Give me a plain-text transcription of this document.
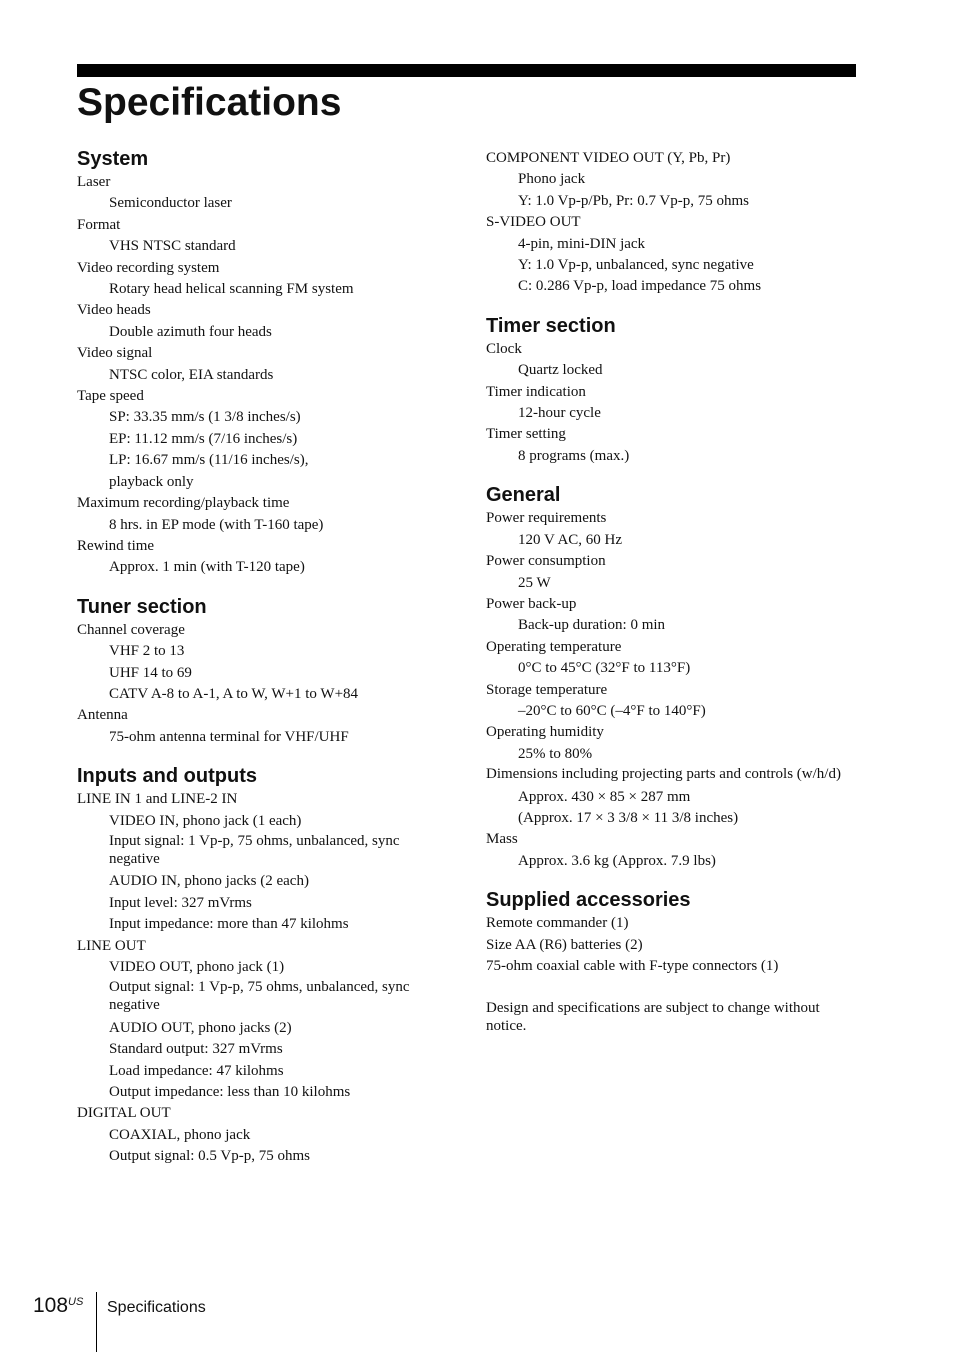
Specifications
System
Laser
Semiconductor laser
Format
VHS NTSC standard
Video recording system
Rotary head helical scanning FM system
Video heads
Double azimuth four heads
Video signal
NTSC color, EIA standards
Tape speed
SP: 33.35 mm/s (1 3/8 inches/s)
EP: 11.12 mm/s (7/16 inches/s)
LP: 16.67 mm/s (11/16 inches/s),
playback only
Maximum recording/playback time
8 hrs. in EP mode (with T-160 tape)
Rewind time
Approx. 1 min (with T-120 tape)
Tuner section
Channel coverage
VHF 2 to 13
UHF 14 to 69
CATV A-8 to A-1, A to W, W+1 to W+84
Antenna
75-ohm antenna terminal for VHF/UHF
Inputs and outputs
LINE IN 1 and LINE-2 IN
VIDEO IN, phono jack (1 each)
Input signal: 1 Vp-p, 75 ohms, unbalanced, sync negative
AUDIO IN, phono jacks (2 each)
Input level: 327 mVrms
Input impedance: more than 47 kilohms
LINE OUT
VIDEO OUT, phono jack (1)
Output signal: 1 Vp-p, 75 ohms, unbalanced, sync negative
AUDIO OUT, phono jacks (2)
Standard output: 327 mVrms
Load impedance: 47 kilohms
Output impedance: less than 10 kilohms
DIGITAL OUT
COAXIAL, phono jack
Output signal: 0.5 Vp-p, 75 ohms
COMPONENT VIDEO OUT (Y, Pb, Pr)
Phono jack
Y: 1.0 Vp-p/Pb, Pr: 0.7 Vp-p, 75 ohms
S-VIDEO OUT
4-pin, mini-DIN jack
Y: 1.0 Vp-p, unbalanced, sync negative
C: 0.286 Vp-p, load impedance 75 ohms
Timer section
Clock
Quartz locked
Timer indication
12-hour cycle
Timer setting
8 programs (max.)
General
Power requirements
120 V AC, 60 Hz
Power consumption
25 W
Power back-up
Back-up duration: 0 min
Operating temperature
0°C to 45°C (32°F to 113°F)
Storage temperature
–20°C to 60°C (–4°F to 140°F)
Operating humidity
25% to 80%
Dimensions including projecting parts and controls (w/h/d)
Approx. 430 × 85 × 287 mm
(Approx. 17 × 3 3/8 × 11 3/8 inches)
Mass
Approx. 3.6 kg (Approx. 7.9 lbs)
Supplied accessories
Remote commander (1)
Size AA (R6) batteries (2)
75-ohm coaxial cable with F-type connectors (1)
Design and specifications are subject to change without notice.
$108^{US}$ Specifications
